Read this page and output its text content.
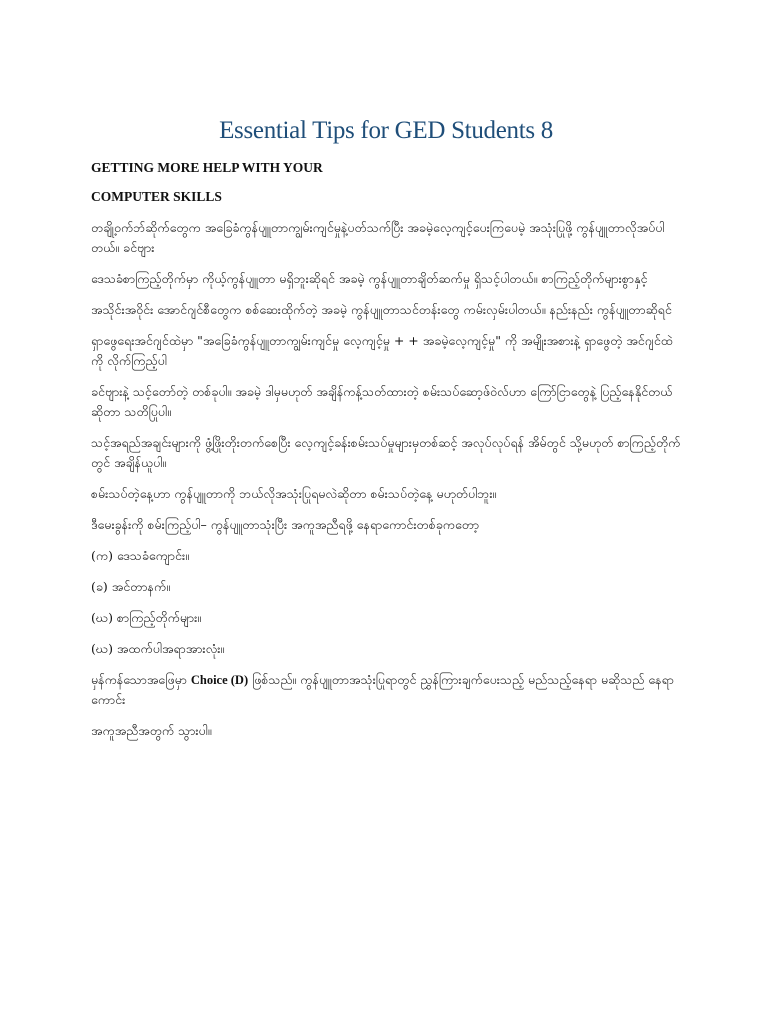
Essential Tips for GED Students 8
GETTING MORE HELP WITH YOUR
COMPUTER SKILLS

တချို့ဝက်ဘ်ဆိုက်တွေက အခြေခံကွန်ပျူတာကျွမ်းကျင်မှုနဲ့ပတ်သက်ပြီး အခမဲ့လေ့ကျင့်ပေးကြပေမဲ့ အသုံးပြုဖို့ ကွန်ပျူတာလိုအပ်ပါတယ်။ ခင်ဗျား

ဒေသခံစာကြည့်တိုက်မှာ ကိုယ့်ကွန်ပျူတာ မရှိဘူးဆိုရင် အခမဲ့ ကွန်ပျူတာချိတ်ဆက်မှု ရှိသင့်ပါတယ်။ စာကြည့်တိုက်များစွာနှင့်

အသိုင်းအဝိုင်း အောင်ဂျင်စီတွေက စစ်ဆေးထိုက်တဲ့ အခမဲ့ ကွန်ပျူတာသင်တန်းတွေ ကမ်းလှမ်းပါတယ်။ နည်းနည်း ကွန်ပျူတာဆိုရင်

ရှာဖွေရေးအင်ဂျင်ထဲမှာ "အခြေခံကွန်ပျူတာကျွမ်းကျင်မှု လေ့ကျင့်မှု + + အခမဲ့လေ့ကျင့်မှု" ကို အမျိုးအစားနဲ့ ရှာဖွေတဲ့ အင်ဂျင်ထဲကို လိုက်ကြည့်ပါ

ခင်ဗျားနဲ့ သင့်တော်တဲ့ တစ်ခုပါ။ အခမဲ့ ဒါမှမဟုတ် အချိန်ကန့်သတ်ထားတဲ့ စမ်းသပ်ဆော့ဖ်ဝဲလ်ဟာ ကြော်ငြာတွေနဲ့ ပြည့်နေနိုင်တယ်ဆိုတာ သတိပြုပါ။

သင့်အရည်အချင်းများကို ဖွံ့ဖြိုးတိုးတက်စေပြီး လေ့ကျင့်ခန်းစမ်းသပ်မှုများမှတစ်ဆင့် အလုပ်လုပ်ရန် အိမ်တွင် သို့မဟုတ် စာကြည့်တိုက်တွင် အချိန်ယူပါ။

စမ်းသပ်တဲ့နေ့ဟာ ကွန်ပျူတာကို ဘယ်လိုအသုံးပြုရမလဲဆိုတာ စမ်းသပ်တဲ့နေ့ မဟုတ်ပါဘူး။

ဒီမေးခွန်းကို စမ်းကြည့်ပါ– ကွန်ပျူတာသုံးပြီး အကူအညီရဖို့ နေရာကောင်းတစ်ခုကတော့

(က) ဒေသခံကျောင်း။

(ခ) အင်တာနက်။

(ဃ) စာကြည့်တိုက်များ။

(ဃ) အထက်ပါအရာအားလုံး။

မှန်ကန်သောအဖြေမှာ Choice (D) ဖြစ်သည်။ ကွန်ပျူတာအသုံးပြုရာတွင် ညွှန်ကြားချက်ပေးသည့် မည်သည့်နေရာ မဆိုသည် နေရာကောင်း

အကူအညီအတွက် သွားပါ။
